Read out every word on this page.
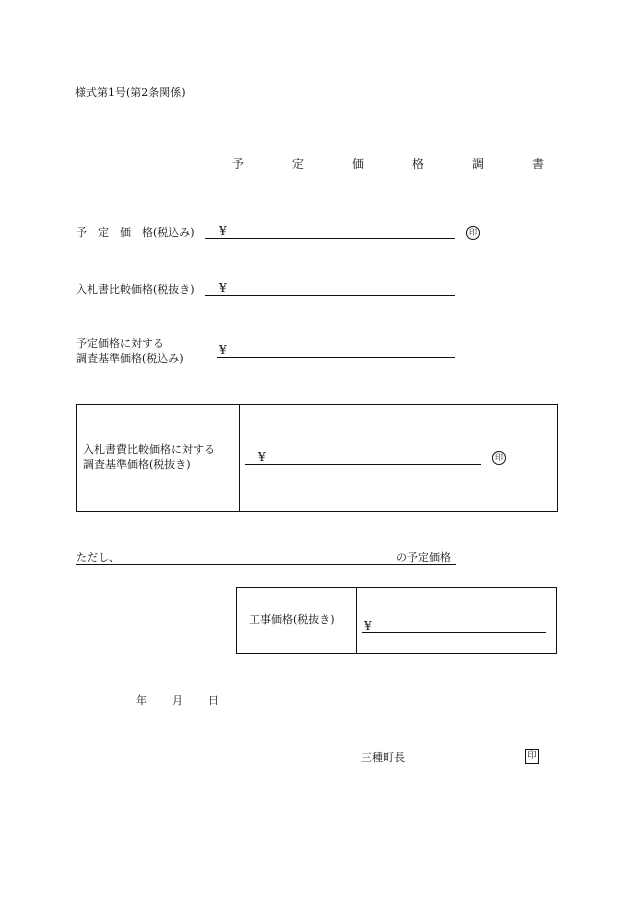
様式第1号(第2条関係)
予　定　価　格　調　書
予　定　価　格(税込み) ¥	印
入札書比較価格(税抜き) ¥
予定価格に対する
調査基準価格(税込み)
¥
入札書費比較価格に対する
調査基準価格(税抜き)
¥	印
ただし、	の予定価格
工事価格(税抜き) ¥
年 月 日
三種町長	印
